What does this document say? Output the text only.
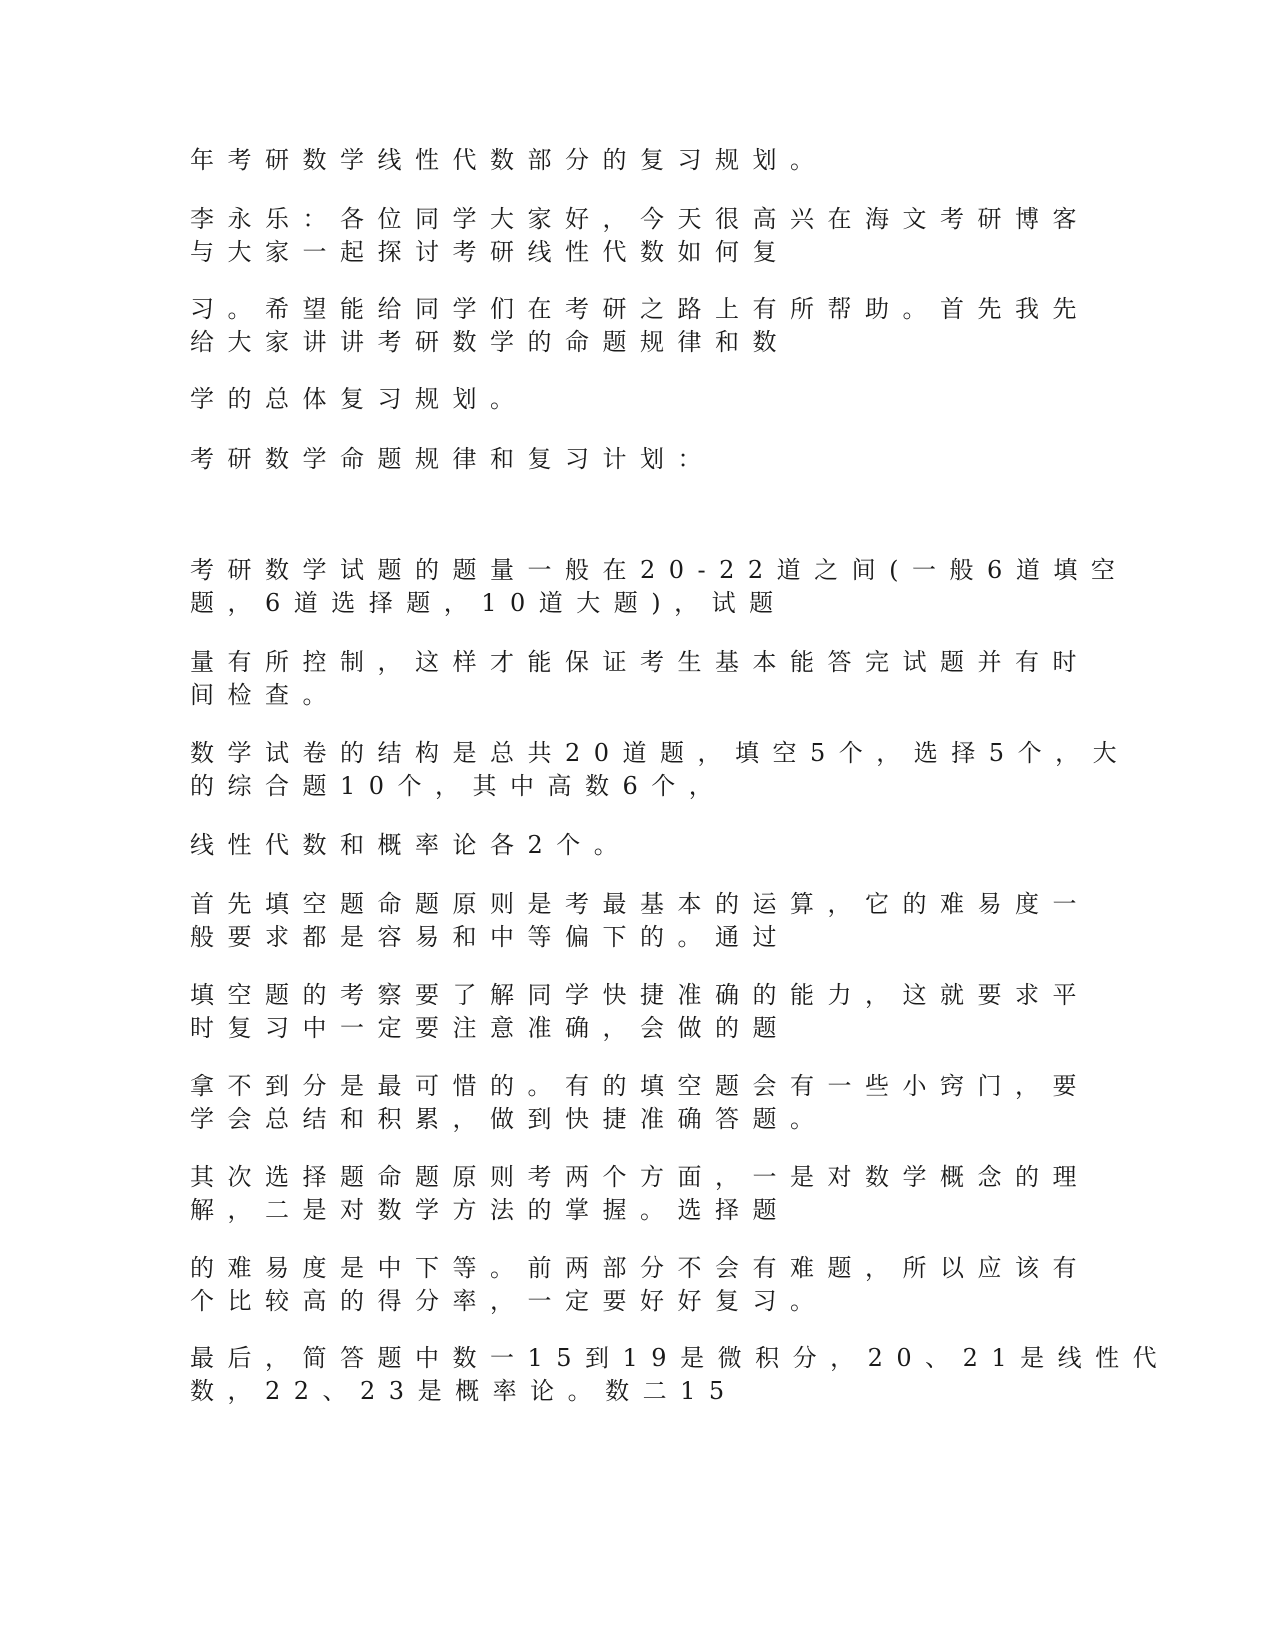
年考研数学线性代数部分的复习规划。

李永乐：各位同学大家好，今天很高兴在海文考研博客
与大家一起探讨考研线性代数如何复

习。希望能给同学们在考研之路上有所帮助。首先我先
给大家讲讲考研数学的命题规律和数

学的总体复习规划。

考研数学命题规律和复习计划：

考研数学试题的题量一般在20-22道之间(一般6道填空
题，6道选择题，10道大题)，试题

量有所控制，这样才能保证考生基本能答完试题并有时
间检查。

数学试卷的结构是总共20道题，填空5个，选择5个，大
的综合题10个，其中高数6个，

线性代数和概率论各2个。

首先填空题命题原则是考最基本的运算，它的难易度一
般要求都是容易和中等偏下的。通过

填空题的考察要了解同学快捷准确的能力，这就要求平
时复习中一定要注意准确，会做的题

拿不到分是最可惜的。有的填空题会有一些小窍门，要
学会总结和积累，做到快捷准确答题。

其次选择题命题原则考两个方面，一是对数学概念的理
解，二是对数学方法的掌握。选择题

的难易度是中下等。前两部分不会有难题，所以应该有
个比较高的得分率，一定要好好复习。

最后，简答题中数一15到19是微积分，20、21是线性代
数，22、23是概率论。数二15
